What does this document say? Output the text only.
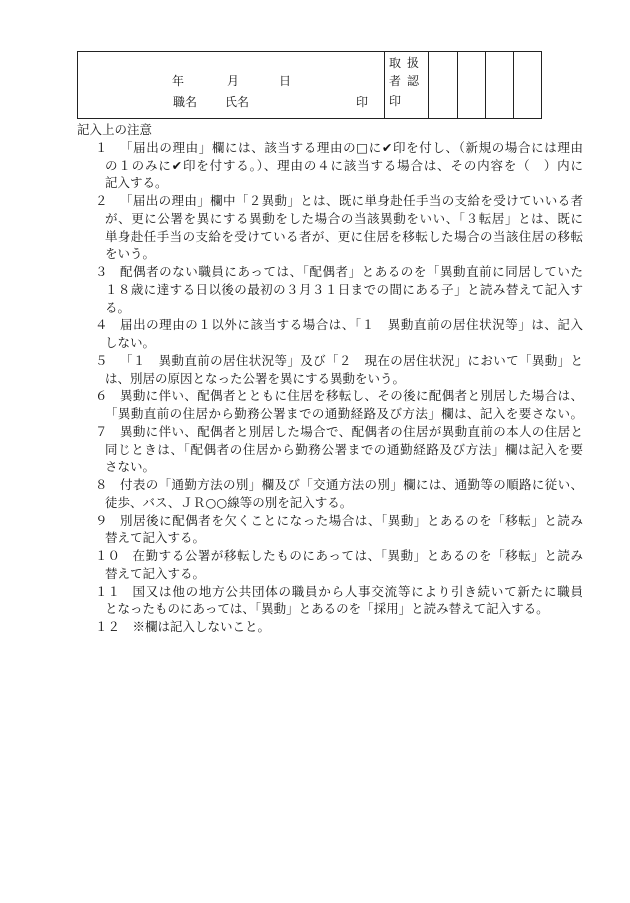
年	月	日
職名 氏名	印
取 扱
者 認
印
記入上の注意
１ 「届出の理由」欄には、該当する理由の□に✔印を付し、（新規の場合には理由
の１のみに✔印を付する。）、理由の４に該当する場合は、その内容を（　）内に
記入する。
２ 「届出の理由」欄中「２異動」とは、既に単身赴任手当の支給を受けていいる者
が、更に公署を異にする異動をした場合の当該異動をいい、「３転居」とは、既に
単身赴任手当の支給を受けている者が、更に住居を移転した場合の当該住居の移転
をいう。
３ 配偶者のない職員にあっては、「配偶者」とあるのを「異動直前に同居していた
１８歳に達する日以後の最初の３月３１日までの間にある子」と読み替えて記入す
る。
４ 届出の理由の１以外に該当する場合は、「１　異動直前の居住状況等」は、記入
しない。
５ 「１　異動直前の居住状況等」及び「２　現在の居住状況」において「異動」と
は、別居の原因となった公署を異にする異動をいう。
６ 異動に伴い、配偶者とともに住居を移転し、その後に配偶者と別居した場合は、
「異動直前の住居から勤務公署までの通勤経路及び方法」欄は、記入を要さない。
７ 異動に伴い、配偶者と別居した場合で、配偶者の住居が異動直前の本人の住居と
同じときは、「配偶者の住居から勤務公署までの通勤経路及び方法」欄は記入を要
さない。
８ 付表の「通勤方法の別」欄及び「交通方法の別」欄には、通勤等の順路に従い、
徒歩、バス、ＪＲ○○線等の別を記入する。
９ 別居後に配偶者を欠くことになった場合は、「異動」とあるのを「移転」と読み
替えて記入する。
１０ 在勤する公署が移転したものにあっては、「異動」とあるのを「移転」と読み
替えて記入する。
１１ 国又は他の地方公共団体の職員から人事交流等により引き続いて新たに職員
となったものにあっては、「異動」とあるのを「採用」と読み替えて記入する。
１２ ※欄は記入しないこと。
